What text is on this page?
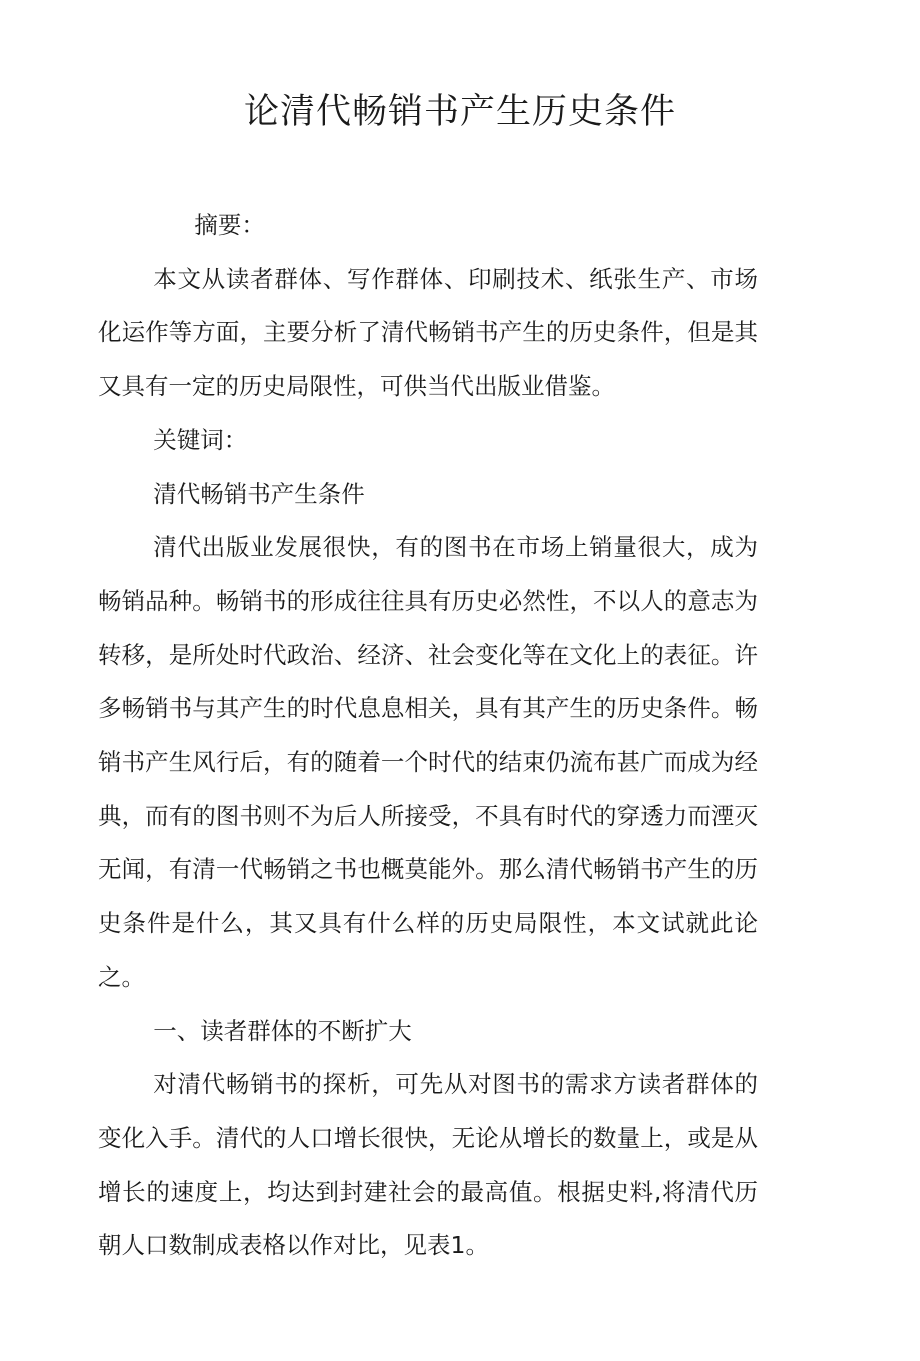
论清代畅销书产生历史条件

摘要：

本文从读者群体、写作群体、印刷技术、纸张生产、市场化运作等方面，主要分析了清代畅销书产生的历史条件，但是其又具有一定的历史局限性，可供当代出版业借鉴。

关键词：

清代畅销书产生条件

清代出版业发展很快，有的图书在市场上销量很大，成为畅销品种。畅销书的形成往往具有历史必然性，不以人的意志为转移，是所处时代政治、经济、社会变化等在文化上的表征。许多畅销书与其产生的时代息息相关，具有其产生的历史条件。畅销书产生风行后，有的随着一个时代的结束仍流布甚广而成为经典，而有的图书则不为后人所接受，不具有时代的穿透力而湮灭无闻，有清一代畅销之书也概莫能外。那么清代畅销书产生的历史条件是什么，其又具有什么样的历史局限性，本文试就此论之。

一、读者群体的不断扩大

对清代畅销书的探析，可先从对图书的需求方读者群体的变化入手。清代的人口增长很快，无论从增长的数量上，或是从增长的速度上，均达到封建社会的最高值。根据史料,将清代历朝人口数制成表格以作对比，见表1。
